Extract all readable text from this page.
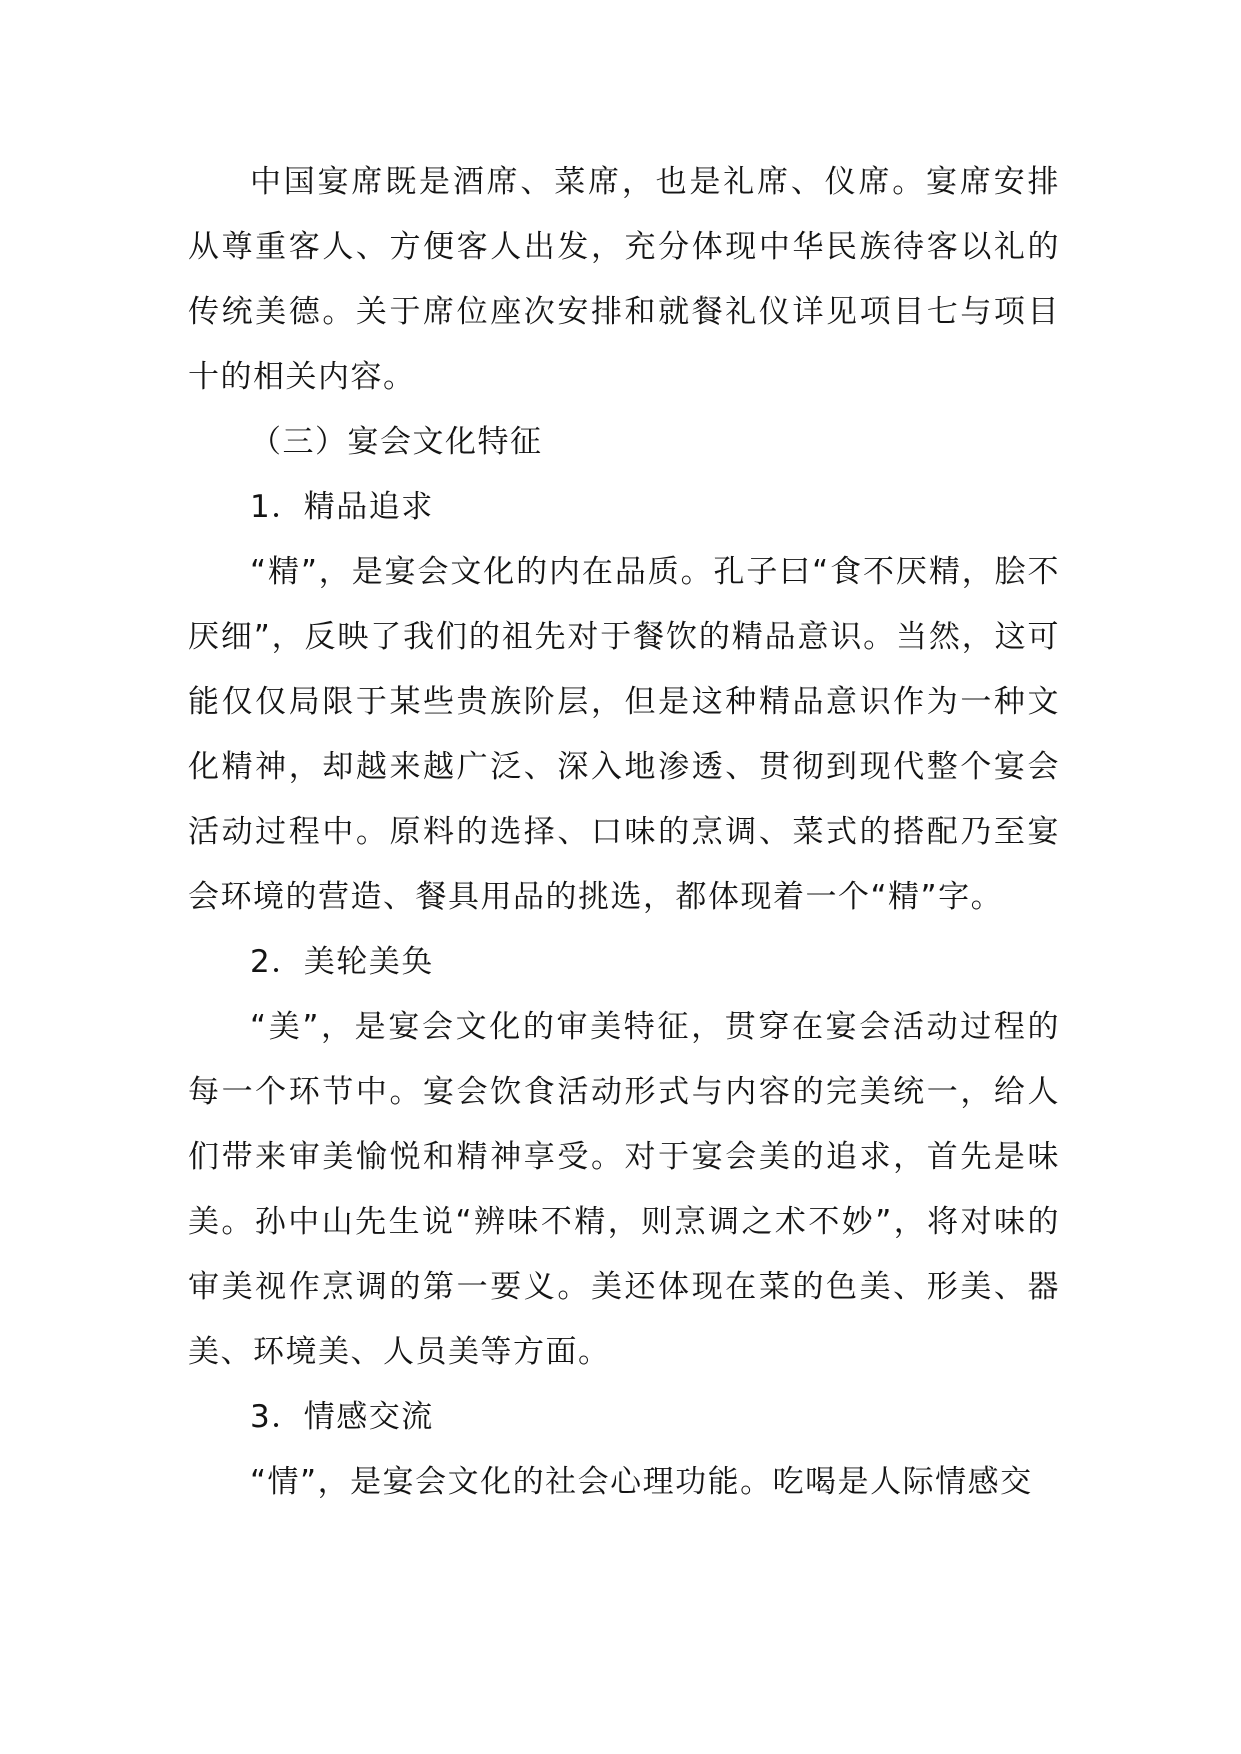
中国宴席既是酒席、菜席，也是礼席、仪席。宴席安排从尊重客人、方便客人出发，充分体现中华民族待客以礼的传统美德。关于席位座次安排和就餐礼仪详见项目七与项目十的相关内容。

（三）宴会文化特征

1．精品追求

“精”，是宴会文化的内在品质。孔子曰“食不厌精，脍不厌细”，反映了我们的祖先对于餐饮的精品意识。当然，这可能仅仅局限于某些贵族阶层，但是这种精品意识作为一种文化精神，却越来越广泛、深入地渗透、贯彻到现代整个宴会活动过程中。原料的选择、口味的烹调、菜式的搭配乃至宴会环境的营造、餐具用品的挑选，都体现着一个“精”字。

2．美轮美奂

“美”，是宴会文化的审美特征，贯穿在宴会活动过程的每一个环节中。宴会饮食活动形式与内容的完美统一，给人们带来审美愉悦和精神享受。对于宴会美的追求，首先是味美。孙中山先生说“辨味不精，则烹调之术不妙”，将对味的审美视作烹调的第一要义。美还体现在菜的色美、形美、器美、环境美、人员美等方面。

3．情感交流

“情”，是宴会文化的社会心理功能。吃喝是人际情感交
